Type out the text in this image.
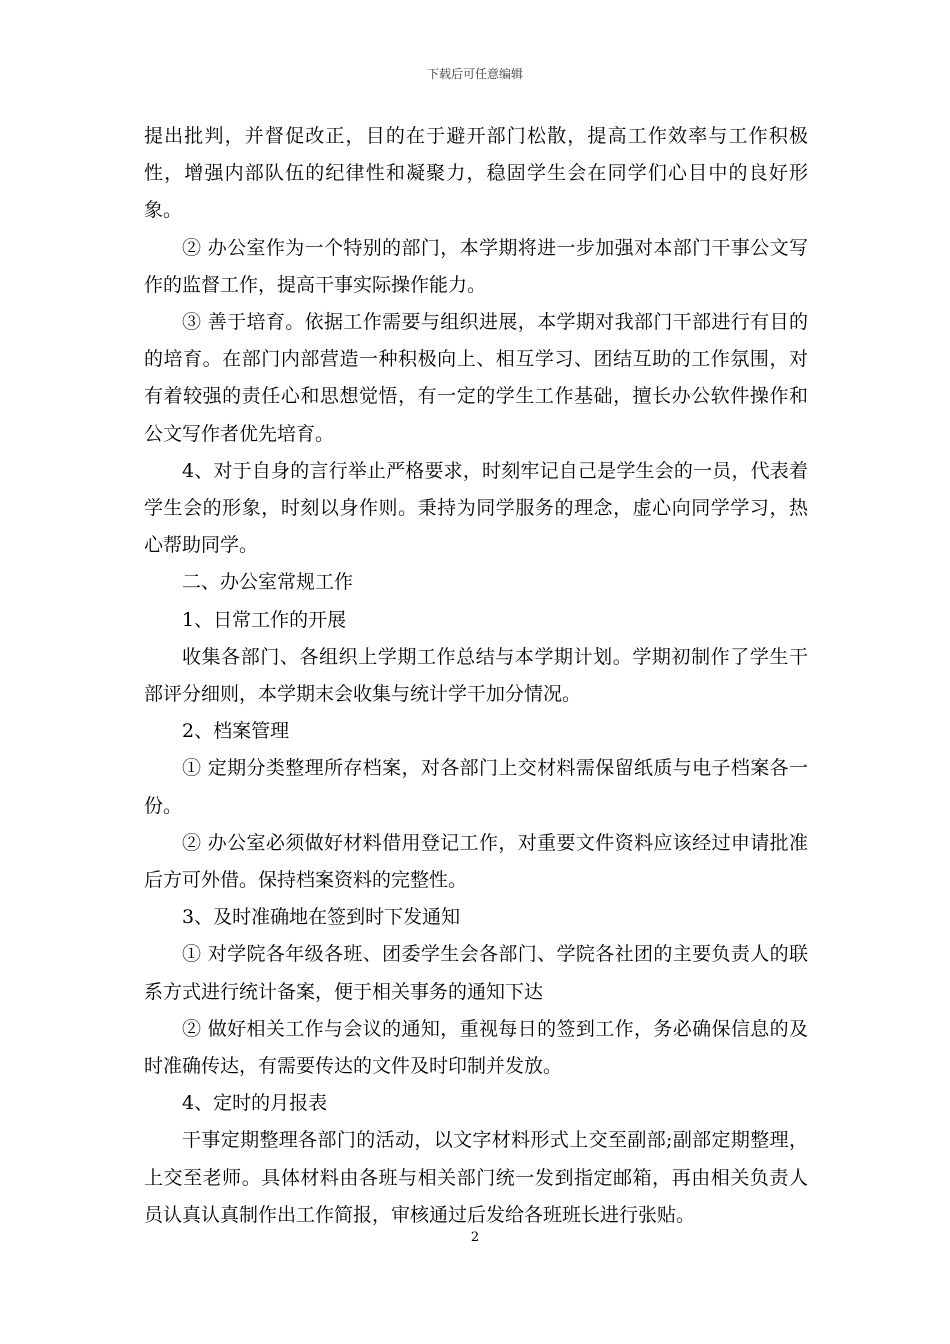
下载后可任意编辑

提出批判，并督促改正，目的在于避开部门松散，提高工作效率与工作积极性，增强内部队伍的纪律性和凝聚力，稳固学生会在同学们心目中的良好形象。

② 办公室作为一个特别的部门，本学期将进一步加强对本部门干事公文写作的监督工作，提高干事实际操作能力。

③ 善于培育。依据工作需要与组织进展，本学期对我部门干部进行有目的的培育。在部门内部营造一种积极向上、相互学习、团结互助的工作氛围，对有着较强的责任心和思想觉悟，有一定的学生工作基础，擅长办公软件操作和公文写作者优先培育。

4、对于自身的言行举止严格要求，时刻牢记自己是学生会的一员，代表着学生会的形象，时刻以身作则。秉持为同学服务的理念，虚心向同学学习，热心帮助同学。

二、办公室常规工作

1、日常工作的开展

收集各部门、各组织上学期工作总结与本学期计划。学期初制作了学生干部评分细则，本学期末会收集与统计学干加分情况。

2、档案管理

① 定期分类整理所存档案，对各部门上交材料需保留纸质与电子档案各一份。

② 办公室必须做好材料借用登记工作，对重要文件资料应该经过申请批准后方可外借。保持档案资料的完整性。

3、及时准确地在签到时下发通知

① 对学院各年级各班、团委学生会各部门、学院各社团的主要负责人的联系方式进行统计备案，便于相关事务的通知下达

② 做好相关工作与会议的通知，重视每日的签到工作，务必确保信息的及时准确传达，有需要传达的文件及时印制并发放。

4、定时的月报表

干事定期整理各部门的活动，以文字材料形式上交至副部;副部定期整理，上交至老师。具体材料由各班与相关部门统一发到指定邮箱，再由相关负责人员认真认真制作出工作简报，审核通过后发给各班班长进行张贴。

2
